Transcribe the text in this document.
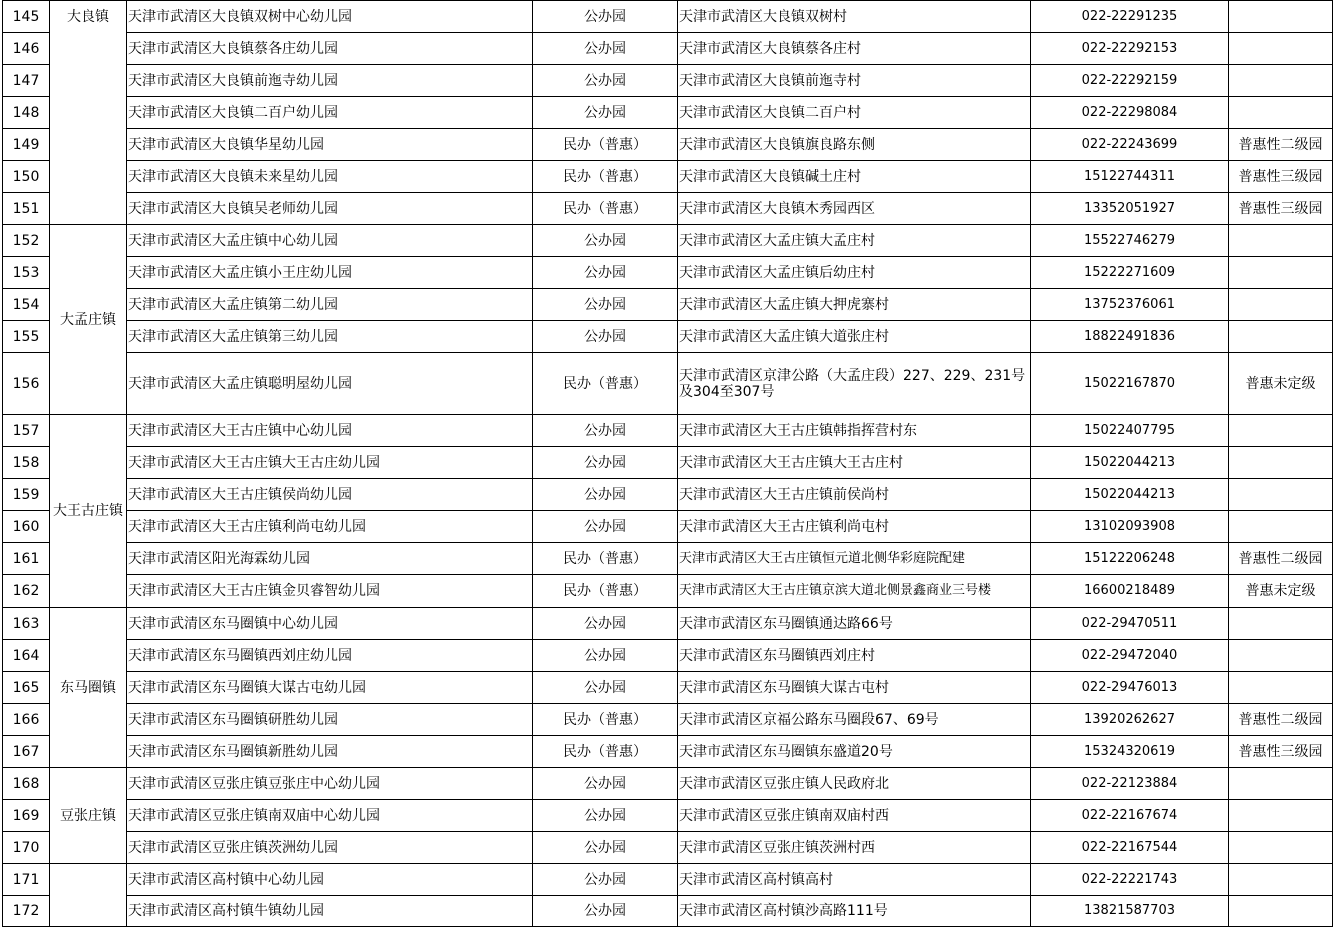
145	大良镇	天津市武清区大良镇双树中心幼儿园	公办园	天津市武清区大良镇双树村	022-22291235	
146		天津市武清区大良镇蔡各庄幼儿园	公办园	天津市武清区大良镇蔡各庄村	022-22292153	
147		天津市武清区大良镇前迤寺幼儿园	公办园	天津市武清区大良镇前迤寺村	022-22292159	
148		天津市武清区大良镇二百户幼儿园	公办园	天津市武清区大良镇二百户村	022-22298084	
149		天津市武清区大良镇华星幼儿园	民办（普惠）	天津市武清区大良镇旗良路东侧	022-22243699	普惠性二级园
150		天津市武清区大良镇未来星幼儿园	民办（普惠）	天津市武清区大良镇碱土庄村	15122744311	普惠性三级园
151		天津市武清区大良镇吴老师幼儿园	民办（普惠）	天津市武清区大良镇木秀园西区	13352051927	普惠性三级园
152	大孟庄镇	天津市武清区大孟庄镇中心幼儿园	公办园	天津市武清区大孟庄镇大孟庄村	15522746279	
153		天津市武清区大孟庄镇小王庄幼儿园	公办园	天津市武清区大孟庄镇后幼庄村	15222271609	
154		天津市武清区大孟庄镇第二幼儿园	公办园	天津市武清区大孟庄镇大押虎寨村	13752376061	
155		天津市武清区大孟庄镇第三幼儿园	公办园	天津市武清区大孟庄镇大道张庄村	18822491836	
156		天津市武清区大孟庄镇聪明屋幼儿园	民办（普惠）	天津市武清区京津公路（大孟庄段）227、229、231号及304至307号	15022167870	普惠未定级
157	大王古庄镇	天津市武清区大王古庄镇中心幼儿园	公办园	天津市武清区大王古庄镇韩指挥营村东	15022407795	
158		天津市武清区大王古庄镇大王古庄幼儿园	公办园	天津市武清区大王古庄镇大王古庄村	15022044213	
159		天津市武清区大王古庄镇侯尚幼儿园	公办园	天津市武清区大王古庄镇前侯尚村	15022044213	
160		天津市武清区大王古庄镇利尚屯幼儿园	公办园	天津市武清区大王古庄镇利尚屯村	13102093908	
161		天津市武清区阳光海霖幼儿园	民办（普惠）	天津市武清区大王古庄镇恒元道北侧华彩庭院配建	15122206248	普惠性二级园
162		天津市武清区大王古庄镇金贝睿智幼儿园	民办（普惠）	天津市武清区大王古庄镇京滨大道北侧景鑫商业三号楼	16600218489	普惠未定级
163	东马圈镇	天津市武清区东马圈镇中心幼儿园	公办园	天津市武清区东马圈镇通达路66号	022-29470511	
164		天津市武清区东马圈镇西刘庄幼儿园	公办园	天津市武清区东马圈镇西刘庄村	022-29472040	
165		天津市武清区东马圈镇大谋古屯幼儿园	公办园	天津市武清区东马圈镇大谋古屯村	022-29476013	
166		天津市武清区东马圈镇研胜幼儿园	民办（普惠）	天津市武清区京福公路东马圈段67、69号	13920262627	普惠性二级园
167		天津市武清区东马圈镇新胜幼儿园	民办（普惠）	天津市武清区东马圈镇东盛道20号	15324320619	普惠性三级园
168	豆张庄镇	天津市武清区豆张庄镇豆张庄中心幼儿园	公办园	天津市武清区豆张庄镇人民政府北	022-22123884	
169		天津市武清区豆张庄镇南双庙中心幼儿园	公办园	天津市武清区豆张庄镇南双庙村西	022-22167674	
170		天津市武清区豆张庄镇茨洲幼儿园	公办园	天津市武清区豆张庄镇茨洲村西	022-22167544	
171		天津市武清区高村镇中心幼儿园	公办园	天津市武清区高村镇高村	022-22221743	
172		天津市武清区高村镇牛镇幼儿园	公办园	天津市武清区高村镇沙高路111号	13821587703	
